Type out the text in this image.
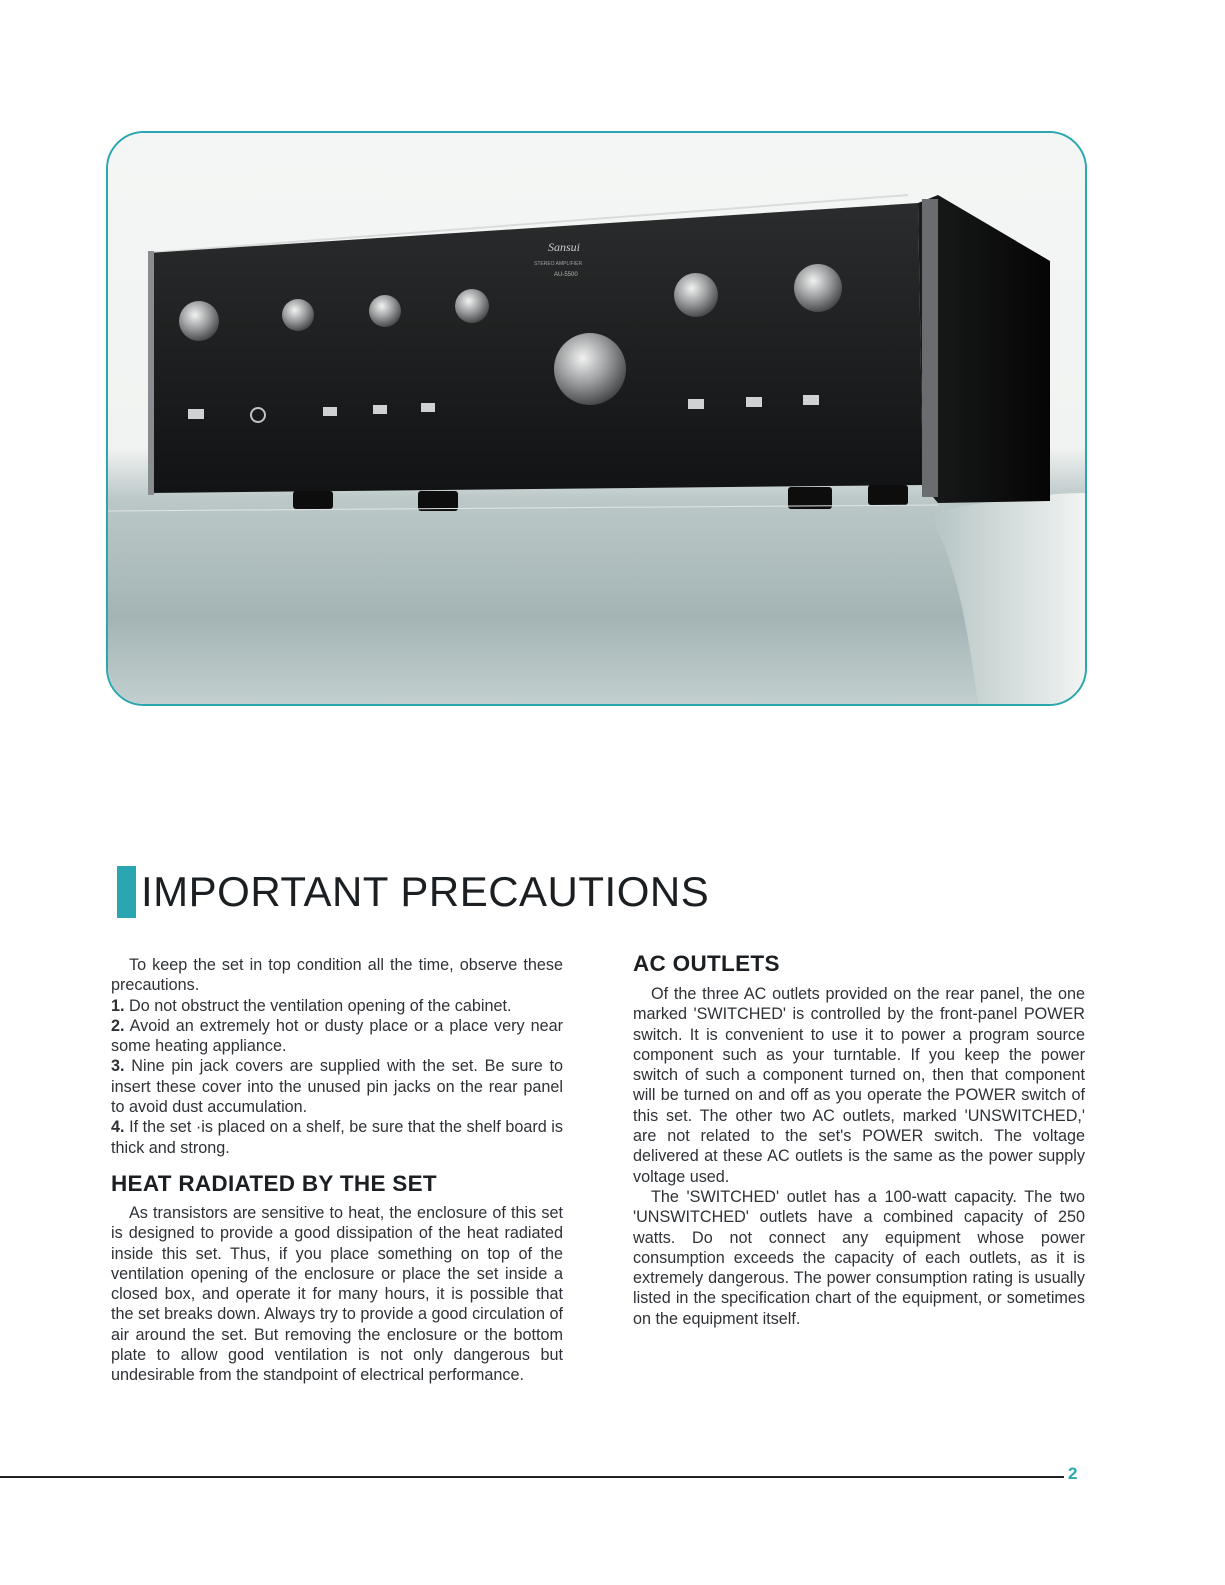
Sansui
STEREO AMPLIFIER
AU-5500
IMPORTANT PRECAUTIONS

To keep the set in top condition all the time, observe these precautions.

1. Do not obstruct the ventilation opening of the cabinet.

2. Avoid an extremely hot or dusty place or a place very near some heating appliance.

3. Nine pin jack covers are supplied with the set. Be sure to insert these cover into the unused pin jacks on the rear panel to avoid dust accumulation.

4. If the set ·is placed on a shelf, be sure that the shelf board is thick and strong.

HEAT RADIATED BY THE SET

As transistors are sensitive to heat, the enclosure of this set is designed to provide a good dissipation of the heat radiated inside this set. Thus, if you place something on top of the ventilation opening of the enclosure or place the set inside a closed box, and operate it for many hours, it is possible that the set breaks down. Always try to provide a good circulation of air around the set. But removing the enclosure or the bottom plate to allow good ventilation is not only dangerous but undesirable from the standpoint of electrical performance.

AC OUTLETS

Of the three AC outlets provided on the rear panel, the one marked 'SWITCHED' is controlled by the front-panel POWER switch. It is convenient to use it to power a program source component such as your turntable. If you keep the power switch of such a component turned on, then that component will be turned on and off as you operate the POWER switch of this set. The other two AC outlets, marked 'UNSWITCHED,' are not related to the set's POWER switch. The voltage delivered at these AC outlets is the same as the power supply voltage used.

The 'SWITCHED' outlet has a 100-watt capacity. The two 'UNSWITCHED' outlets have a combined capacity of 250 watts. Do not connect any equipment whose power consumption exceeds the capacity of each outlets, as it is extremely dangerous. The power consumption rating is usually listed in the specification chart of the equipment, or sometimes on the equipment itself.

2
